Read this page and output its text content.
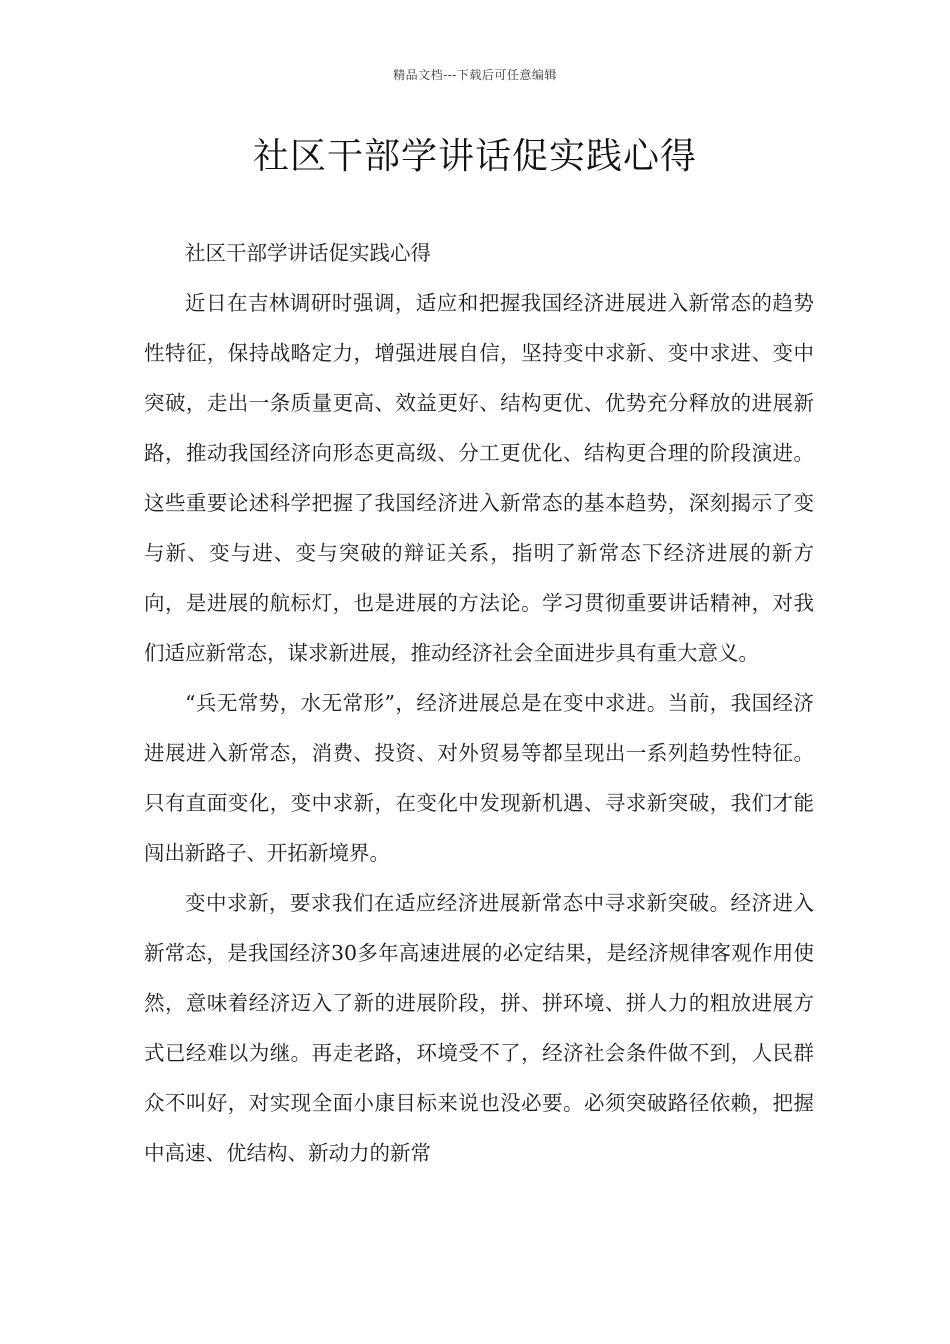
精品文档---下载后可任意编辑
社区干部学讲话促实践心得

社区干部学讲话促实践心得

近日在吉林调研时强调，适应和把握我国经济进展进入新常态的趋势性特征，保持战略定力，增强进展自信，坚持变中求新、变中求进、变中突破，走出一条质量更高、效益更好、结构更优、优势充分释放的进展新路，推动我国经济向形态更高级、分工更优化、结构更合理的阶段演进。这些重要论述科学把握了我国经济进入新常态的基本趋势，深刻揭示了变与新、变与进、变与突破的辩证关系，指明了新常态下经济进展的新方向，是进展的航标灯，也是进展的方法论。学习贯彻重要讲话精神，对我们适应新常态，谋求新进展，推动经济社会全面进步具有重大意义。

“兵无常势，水无常形”，经济进展总是在变中求进。当前，我国经济进展进入新常态，消费、投资、对外贸易等都呈现出一系列趋势性特征。只有直面变化，变中求新，在变化中发现新机遇、寻求新突破，我们才能闯出新路子、开拓新境界。

变中求新，要求我们在适应经济进展新常态中寻求新突破。经济进入新常态，是我国经济30多年高速进展的必定结果，是经济规律客观作用使然，意味着经济迈入了新的进展阶段，拼、拼环境、拼人力的粗放进展方式已经难以为继。再走老路，环境受不了，经济社会条件做不到，人民群众不叫好，对实现全面小康目标来说也没必要。必须突破路径依赖，把握中高速、优结构、新动力的新常
